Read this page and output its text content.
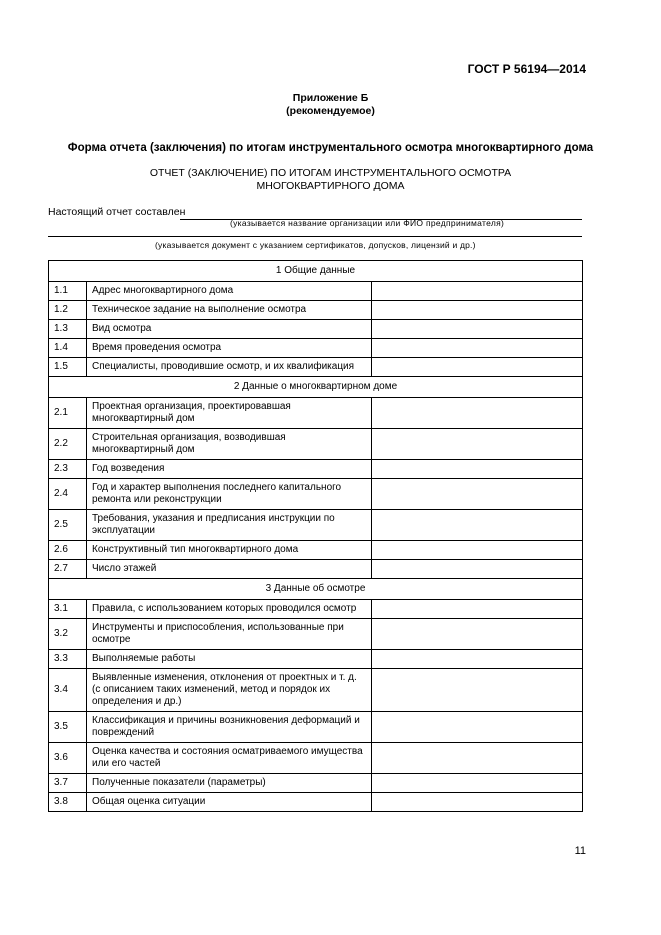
ГОСТ Р 56194—2014
Приложение Б
(рекомендуемое)
Форма отчета (заключения) по итогам инструментального осмотра многоквартирного дома
ОТЧЕТ (ЗАКЛЮЧЕНИЕ) ПО ИТОГАМ ИНСТРУМЕНТАЛЬНОГО ОСМОТРА
МНОГОКВАРТИРНОГО ДОМА
Настоящий отчет составлен
(указывается название организации или ФИО предпринимателя)
(указывается документ с указанием сертификатов, допусков, лицензий и др.)
1 Общие данные		
1.1	Адрес многоквартирного дома	
1.2	Техническое задание на выполнение осмотра	
1.3	Вид осмотра	
1.4	Время проведения осмотра	
1.5	Специалисты, проводившие осмотр, и их квалификация	
2 Данные о многоквартирном доме		
2.1	Проектная организация, проектировавшая многоквартирный дом	
2.2	Строительная организация, возводившая многоквартирный дом	
2.3	Год возведения	
2.4	Год и характер выполнения последнего капитального ремонта или реконструкции	
2.5	Требования, указания и предписания инструкции по эксплуатации	
2.6	Конструктивный тип многоквартирного дома	
2.7	Число этажей	
3 Данные об осмотре		
3.1	Правила, с использованием которых проводился осмотр	
3.2	Инструменты и приспособления, использованные при осмотре	
3.3	Выполняемые работы	
3.4	Выявленные изменения, отклонения от проектных и т. д. (с описанием таких изменений, метод и порядок их определения и др.)	
3.5	Классификация и причины возникновения деформаций и повреждений	
3.6	Оценка качества и состояния осматриваемого имущества или его частей	
3.7	Полученные показатели (параметры)	
3.8	Общая оценка ситуации	
11
